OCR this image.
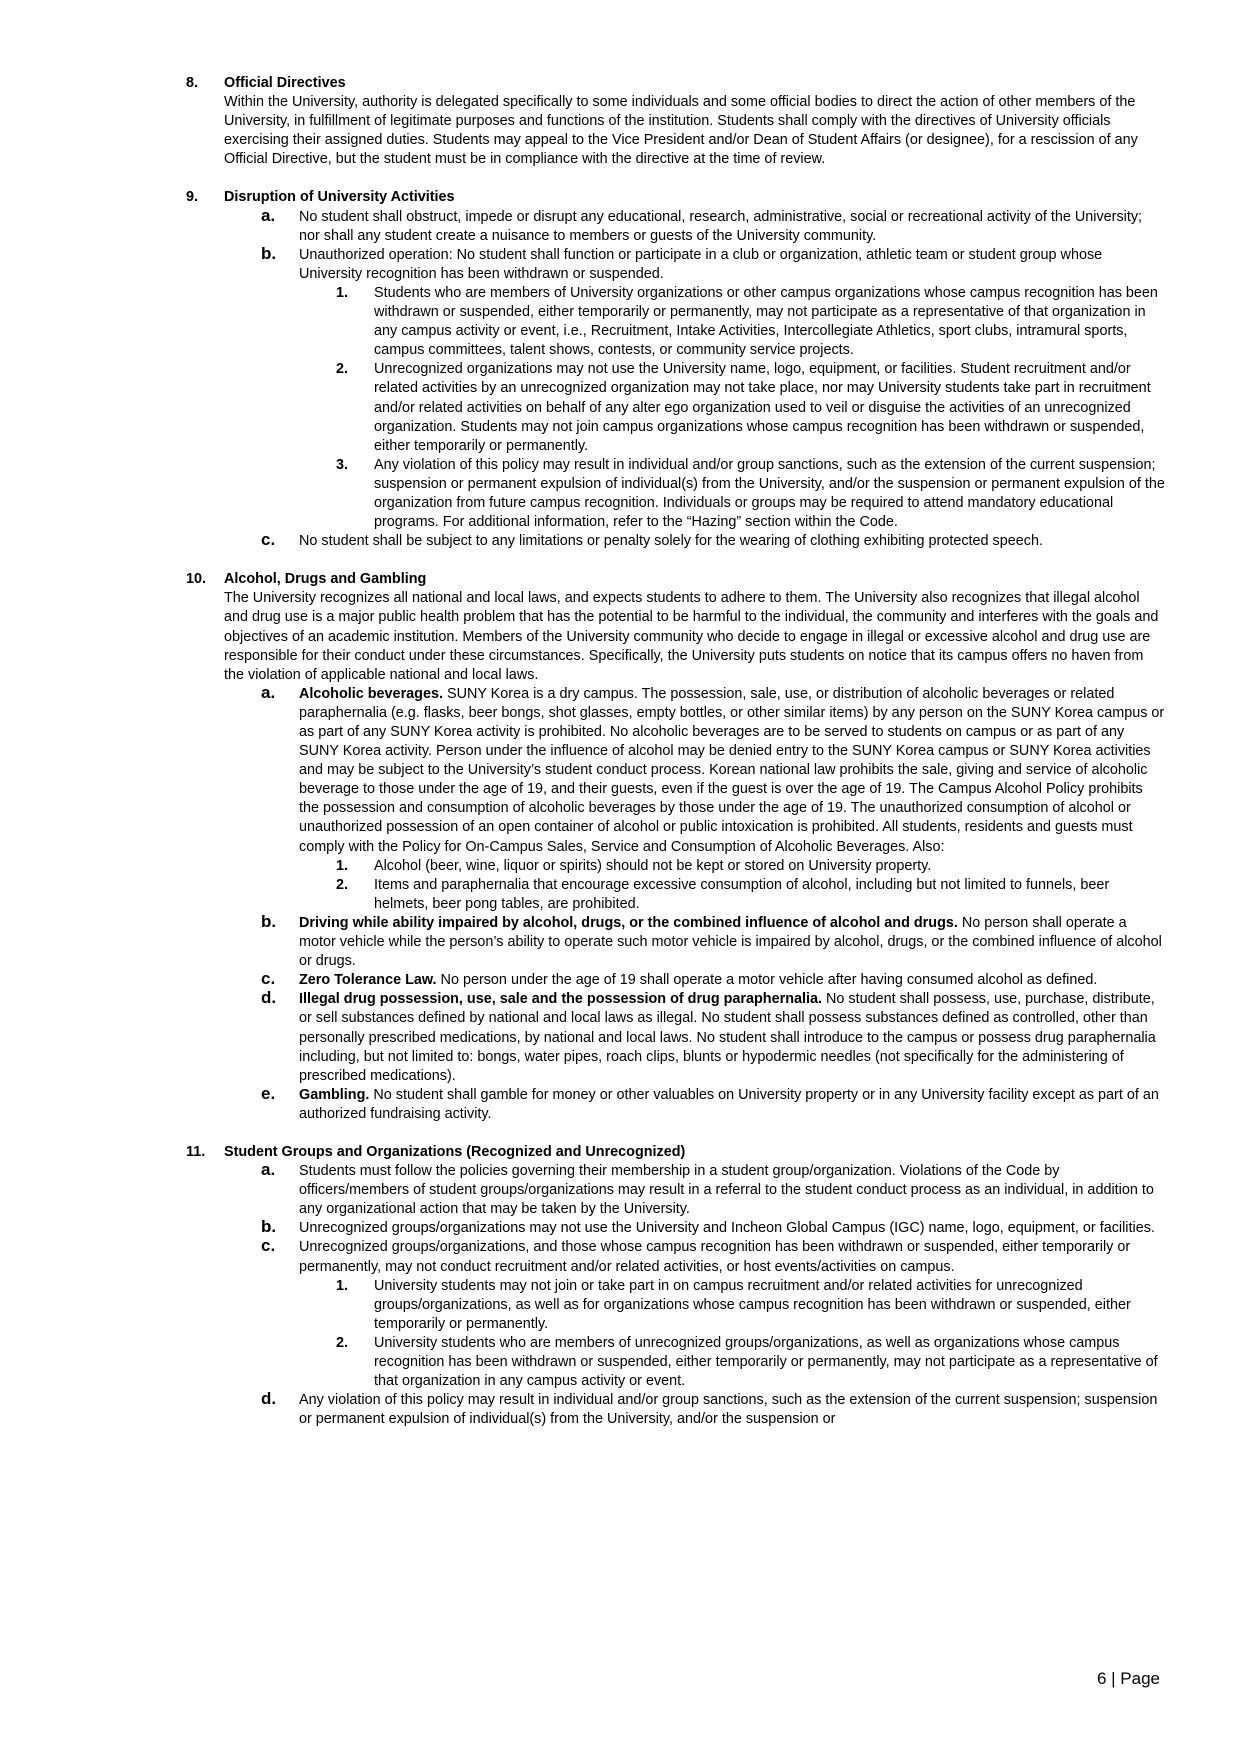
8. Official Directives
Within the University, authority is delegated specifically to some individuals and some official bodies to direct the action of other members of the University, in fulfillment of legitimate purposes and functions of the institution. Students shall comply with the directives of University officials exercising their assigned duties. Students may appeal to the Vice President and/or Dean of Student Affairs (or designee), for a rescission of any Official Directive, but the student must be in compliance with the directive at the time of review.
9. Disruption of University Activities
a. No student shall obstruct, impede or disrupt any educational, research, administrative, social or recreational activity of the University; nor shall any student create a nuisance to members or guests of the University community.
b. Unauthorized operation: No student shall function or participate in a club or organization, athletic team or student group whose University recognition has been withdrawn or suspended.
1. Students who are members of University organizations or other campus organizations whose campus recognition has been withdrawn or suspended, either temporarily or permanently, may not participate as a representative of that organization in any campus activity or event, i.e., Recruitment, Intake Activities, Intercollegiate Athletics, sport clubs, intramural sports, campus committees, talent shows, contests, or community service projects.
2. Unrecognized organizations may not use the University name, logo, equipment, or facilities. Student recruitment and/or related activities by an unrecognized organization may not take place, nor may University students take part in recruitment and/or related activities on behalf of any alter ego organization used to veil or disguise the activities of an unrecognized organization. Students may not join campus organizations whose campus recognition has been withdrawn or suspended, either temporarily or permanently.
3. Any violation of this policy may result in individual and/or group sanctions, such as the extension of the current suspension; suspension or permanent expulsion of individual(s) from the University, and/or the suspension or permanent expulsion of the organization from future campus recognition. Individuals or groups may be required to attend mandatory educational programs. For additional information, refer to the “Hazing” section within the Code.
c. No student shall be subject to any limitations or penalty solely for the wearing of clothing exhibiting protected speech.
10. Alcohol, Drugs and Gambling
The University recognizes all national and local laws, and expects students to adhere to them. The University also recognizes that illegal alcohol and drug use is a major public health problem that has the potential to be harmful to the individual, the community and interferes with the goals and objectives of an academic institution. Members of the University community who decide to engage in illegal or excessive alcohol and drug use are responsible for their conduct under these circumstances. Specifically, the University puts students on notice that its campus offers no haven from the violation of applicable national and local laws.
a. Alcoholic beverages. SUNY Korea is a dry campus. The possession, sale, use, or distribution of alcoholic beverages or related paraphernalia (e.g. flasks, beer bongs, shot glasses, empty bottles, or other similar items) by any person on the SUNY Korea campus or as part of any SUNY Korea activity is prohibited. No alcoholic beverages are to be served to students on campus or as part of any SUNY Korea activity. Person under the influence of alcohol may be denied entry to the SUNY Korea campus or SUNY Korea activities and may be subject to the University’s student conduct process. Korean national law prohibits the sale, giving and service of alcoholic beverage to those under the age of 19, and their guests, even if the guest is over the age of 19. The Campus Alcohol Policy prohibits the possession and consumption of alcoholic beverages by those under the age of 19. The unauthorized consumption of alcohol or unauthorized possession of an open container of alcohol or public intoxication is prohibited. All students, residents and guests must comply with the Policy for On-Campus Sales, Service and Consumption of Alcoholic Beverages. Also:
1. Alcohol (beer, wine, liquor or spirits) should not be kept or stored on University property.
2. Items and paraphernalia that encourage excessive consumption of alcohol, including but not limited to funnels, beer helmets, beer pong tables, are prohibited.
b. Driving while ability impaired by alcohol, drugs, or the combined influence of alcohol and drugs. No person shall operate a motor vehicle while the person’s ability to operate such motor vehicle is impaired by alcohol, drugs, or the combined influence of alcohol or drugs.
c. Zero Tolerance Law. No person under the age of 19 shall operate a motor vehicle after having consumed alcohol as defined.
d. Illegal drug possession, use, sale and the possession of drug paraphernalia. No student shall possess, use, purchase, distribute, or sell substances defined by national and local laws as illegal. No student shall possess substances defined as controlled, other than personally prescribed medications, by national and local laws. No student shall introduce to the campus or possess drug paraphernalia including, but not limited to: bongs, water pipes, roach clips, blunts or hypodermic needles (not specifically for the administering of prescribed medications).
e. Gambling. No student shall gamble for money or other valuables on University property or in any University facility except as part of an authorized fundraising activity.
11. Student Groups and Organizations (Recognized and Unrecognized)
a. Students must follow the policies governing their membership in a student group/organization. Violations of the Code by officers/members of student groups/organizations may result in a referral to the student conduct process as an individual, in addition to any organizational action that may be taken by the University.
b. Unrecognized groups/organizations may not use the University and Incheon Global Campus (IGC) name, logo, equipment, or facilities.
c. Unrecognized groups/organizations, and those whose campus recognition has been withdrawn or suspended, either temporarily or permanently, may not conduct recruitment and/or related activities, or host events/activities on campus.
1. University students may not join or take part in on campus recruitment and/or related activities for unrecognized groups/organizations, as well as for organizations whose campus recognition has been withdrawn or suspended, either temporarily or permanently.
2. University students who are members of unrecognized groups/organizations, as well as organizations whose campus recognition has been withdrawn or suspended, either temporarily or permanently, may not participate as a representative of that organization in any campus activity or event.
d. Any violation of this policy may result in individual and/or group sanctions, such as the extension of the current suspension; suspension or permanent expulsion of individual(s) from the University, and/or the suspension or
6 | Page
